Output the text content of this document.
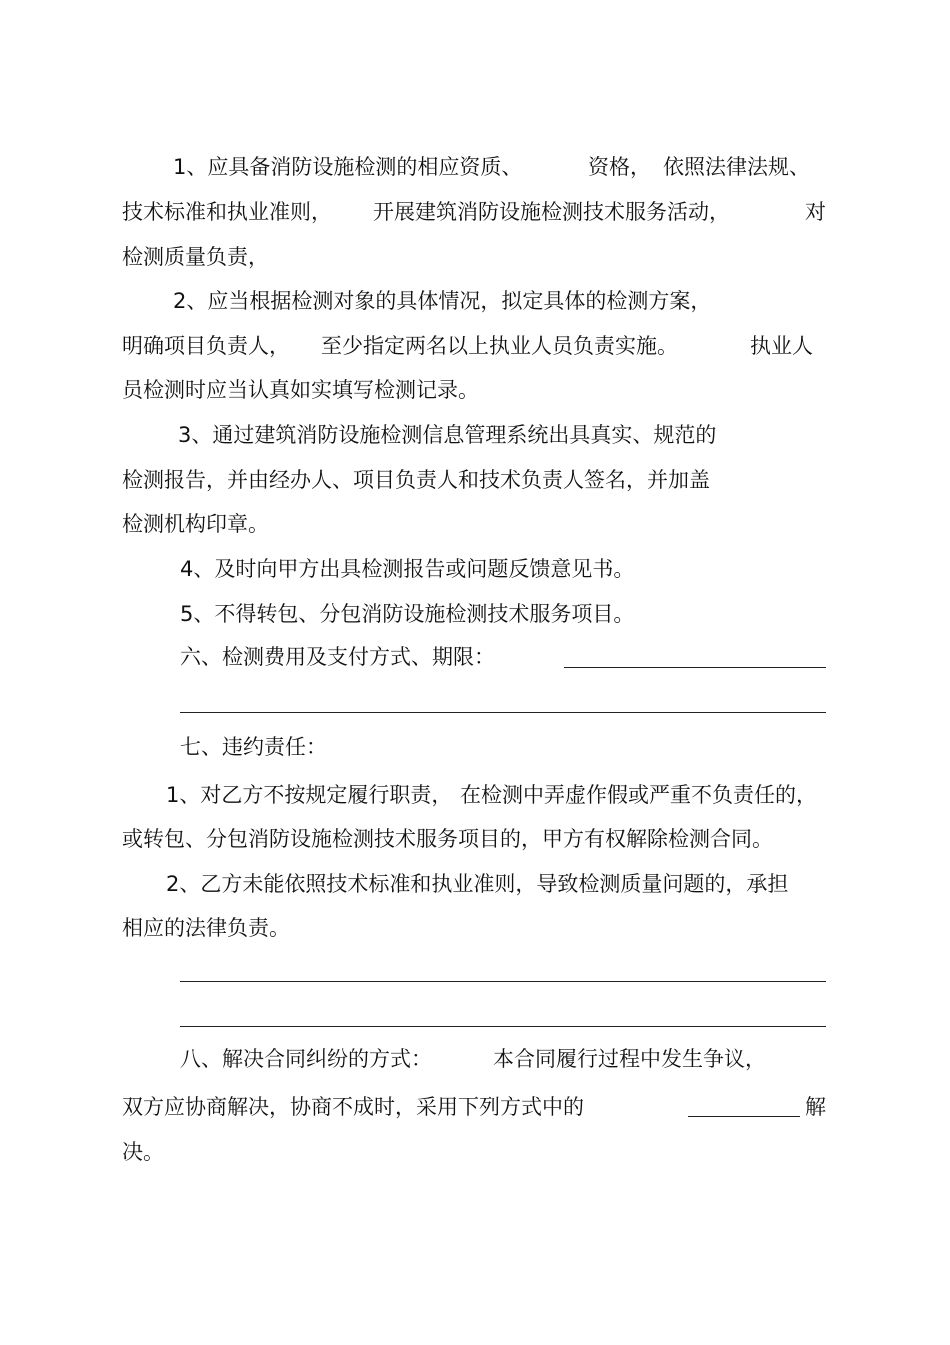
1、应具备消防设施检测的相应资质、	资格， 依照法律法规、
技术标准和执业准则， 开展建筑消防设施检测技术服务活动，	对
检测质量负责，
2、应当根据检测对象的具体情况，拟定具体的检测方案，
明确项目负责人， 至少指定两名以上执业人员负责实施。	执业人
员检测时应当认真如实填写检测记录。
3、通过建筑消防设施检测信息管理系统出具真实、规范的
检测报告，并由经办人、项目负责人和技术负责人签名，并加盖
检测机构印章。
4、及时向甲方出具检测报告或问题反馈意见书。
5、不得转包、分包消防设施检测技术服务项目。
六、检测费用及支付方式、期限：
七、违约责任：
1、对乙方不按规定履行职责， 在检测中弄虚作假或严重不负责任的，
或转包、分包消防设施检测技术服务项目的，甲方有权解除检测合同。
2、乙方未能依照技术标准和执业准则，导致检测质量问题的，承担
相应的法律负责。
八、解决合同纠纷的方式：	本合同履行过程中发生争议，
双方应协商解决，协商不成时，采用下列方式中的	解
决。
